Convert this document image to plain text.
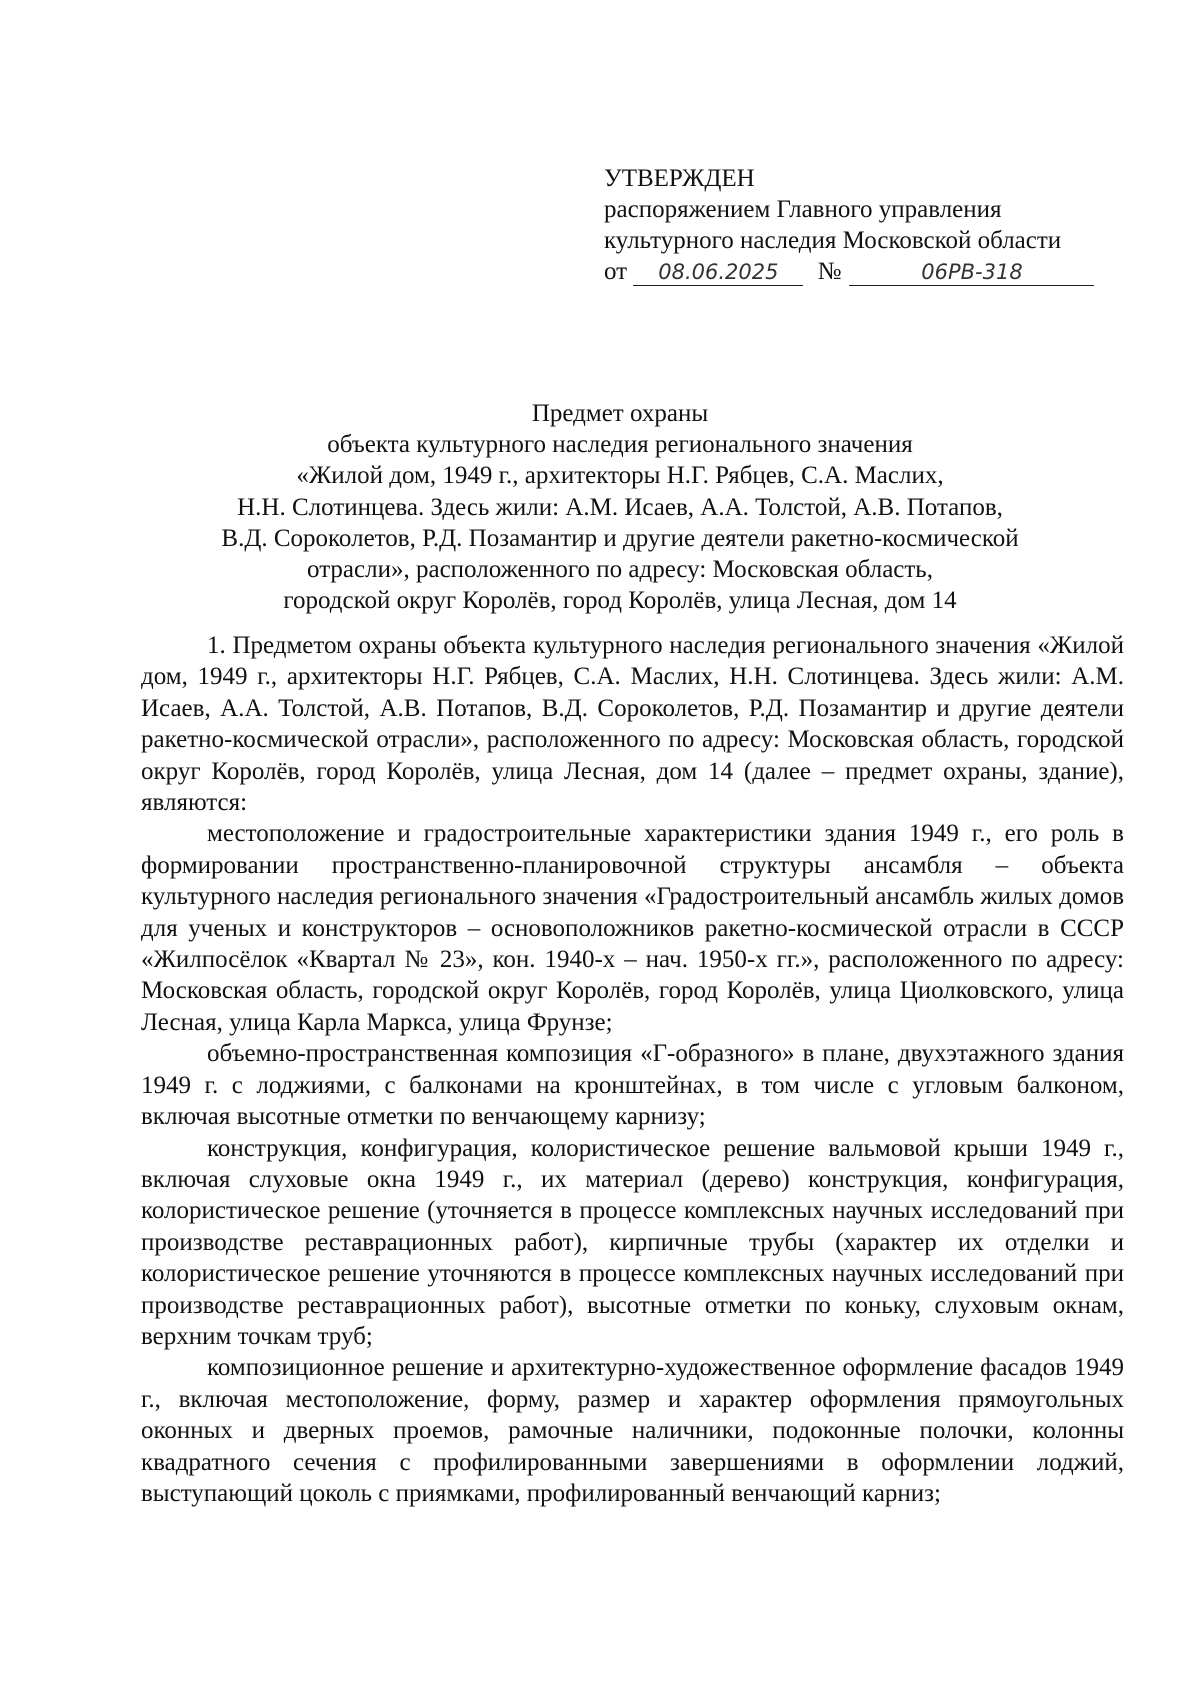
УТВЕРЖДЕН
распоряжением Главного управления
культурного наследия Московской области
от 08.06.2025 №	06РВ-318
Предмет охраны
объекта культурного наследия регионального значения
«Жилой дом, 1949 г., архитекторы Н.Г. Рябцев, С.А. Маслих,
Н.Н. Слотинцева. Здесь жили: А.М. Исаев, А.А. Толстой, А.В. Потапов,
В.Д. Сороколетов, Р.Д. Позамантир и другие деятели ракетно-космической
отрасли», расположенного по адресу: Московская область,
городской округ Королёв, город Королёв, улица Лесная, дом 14

1. Предметом охраны объекта культурного наследия регионального значения «Жилой дом, 1949 г., архитекторы Н.Г. Рябцев, С.А. Маслих, Н.Н. Слотинцева. Здесь жили: А.М. Исаев, А.А. Толстой, А.В. Потапов, В.Д. Сороколетов, Р.Д. Позамантир и другие деятели ракетно-космической отрасли», расположенного по адресу: Московская область, городской округ Королёв, город Королёв, улица Лесная, дом 14 (далее – предмет охраны, здание), являются:

местоположение и градостроительные характеристики здания 1949 г., его роль в формировании пространственно-планировочной структуры ансамбля – объекта культурного наследия регионального значения «Градостроительный ансамбль жилых домов для ученых и конструкторов – основоположников ракетно-космической отрасли в СССР «Жилпосёлок «Квартал № 23», кон. 1940-х – нач. 1950-х гг.», расположенного по адресу: Московская область, городской округ Королёв, город Королёв, улица Циолковского, улица Лесная, улица Карла Маркса, улица Фрунзе;

объемно-пространственная композиция «Г-образного» в плане, двухэтажного здания 1949 г. с лоджиями, с балконами на кронштейнах, в том числе с угловым балконом, включая высотные отметки по венчающему карнизу;

конструкция, конфигурация, колористическое решение вальмовой крыши 1949 г., включая слуховые окна 1949 г., их материал (дерево) конструкция, конфигурация, колористическое решение (уточняется в процессе комплексных научных исследований при производстве реставрационных работ), кирпичные трубы (характер их отделки и колористическое решение уточняются в процессе комплексных научных исследований при производстве реставрационных работ), высотные отметки по коньку, слуховым окнам, верхним точкам труб;

композиционное решение и архитектурно-художественное оформление фасадов 1949 г., включая местоположение, форму, размер и характер оформления прямоугольных оконных и дверных проемов, рамочные наличники, подоконные полочки, колонны квадратного сечения с профилированными завершениями в оформлении лоджий, выступающий цоколь с приямками, профилированный венчающий карниз;
